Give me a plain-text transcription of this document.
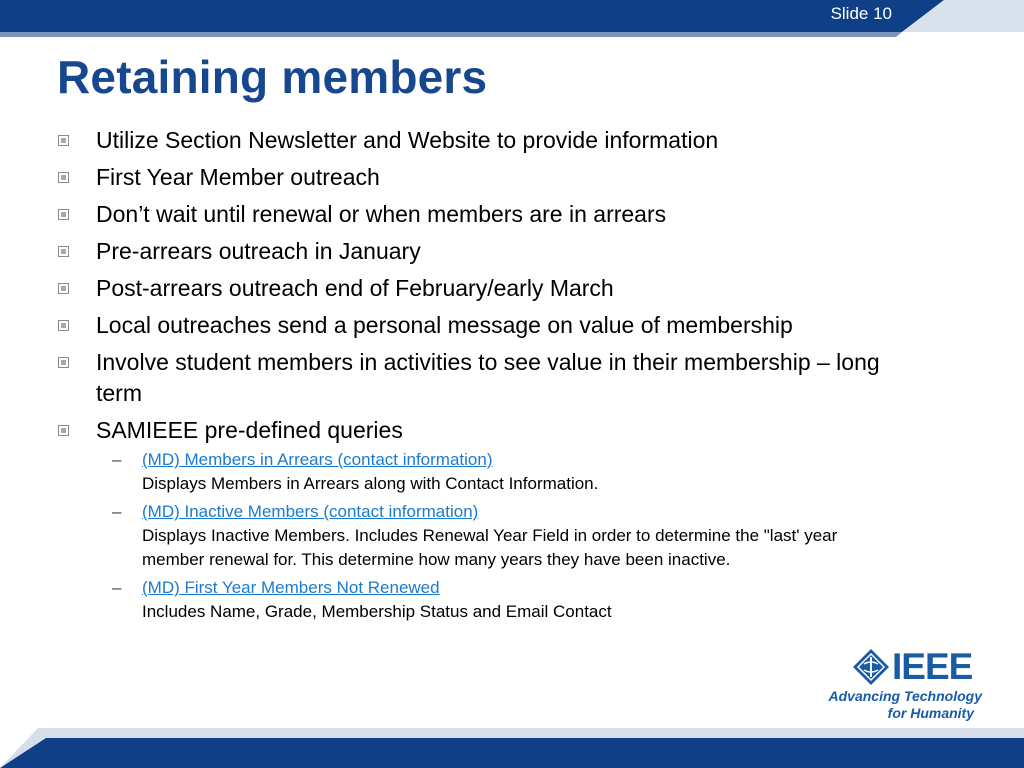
Slide 10
Retaining members
Utilize Section Newsletter and Website to provide information
First Year Member outreach
Don’t wait until renewal or when members are in arrears
Pre-arrears outreach in January
Post-arrears outreach end of February/early March
Local outreaches send a personal message on value of membership
Involve student members in activities to see value in their membership – long term
SAMIEEE pre-defined queries
– (MD) Members in Arrears (contact information)
Displays Members in Arrears along with Contact Information.
– (MD) Inactive Members (contact information)
Displays Inactive Members. Includes Renewal Year Field in order to determine the "last' year member renewal for. This determine how many years they have been inactive.
– (MD) First Year Members Not Renewed
Includes Name, Grade, Membership Status and Email Contact
IEEE
Advancing Technology
for Humanity
